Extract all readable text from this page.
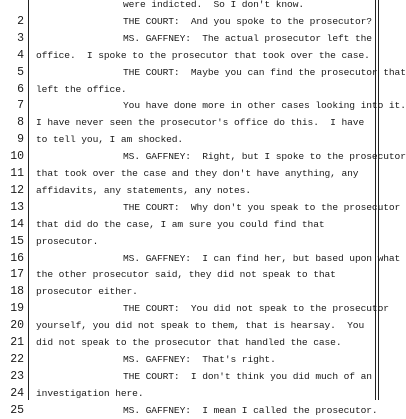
were indicted.  So I don't know.
2	THE COURT:  And you spoke to the prosecutor?
3	MS. GAFFNEY:  The actual prosecutor left the
4 office.  I spoke to the prosecutor that took over the case.
5	THE COURT:  Maybe you can find the prosecutor that
6 left the office.
7	You have done more in other cases looking into it.
8 I have never seen the prosecutor's office do this.  I have
9 to tell you, I am shocked.
10	MS. GAFFNEY:  Right, but I spoke to the prosecutor
11 that took over the case and they don't have anything, any
12 affidavits, any statements, any notes.
13	THE COURT:  Why don't you speak to the prosecutor
14 that did do the case, I am sure you could find that
15 prosecutor.
16	MS. GAFFNEY:  I can find her, but based upon what
17 the other prosecutor said, they did not speak to that
18 prosecutor either.
19	THE COURT:  You did not speak to the prosecutor
20 yourself, you did not speak to them, that is hearsay.  You
21 did not speak to the prosecutor that handled the case.
22	MS. GAFFNEY:  That's right.
23	THE COURT:  I don't think you did much of an
24 investigation here.
25	MS. GAFFNEY:  I mean I called the prosecutor.
